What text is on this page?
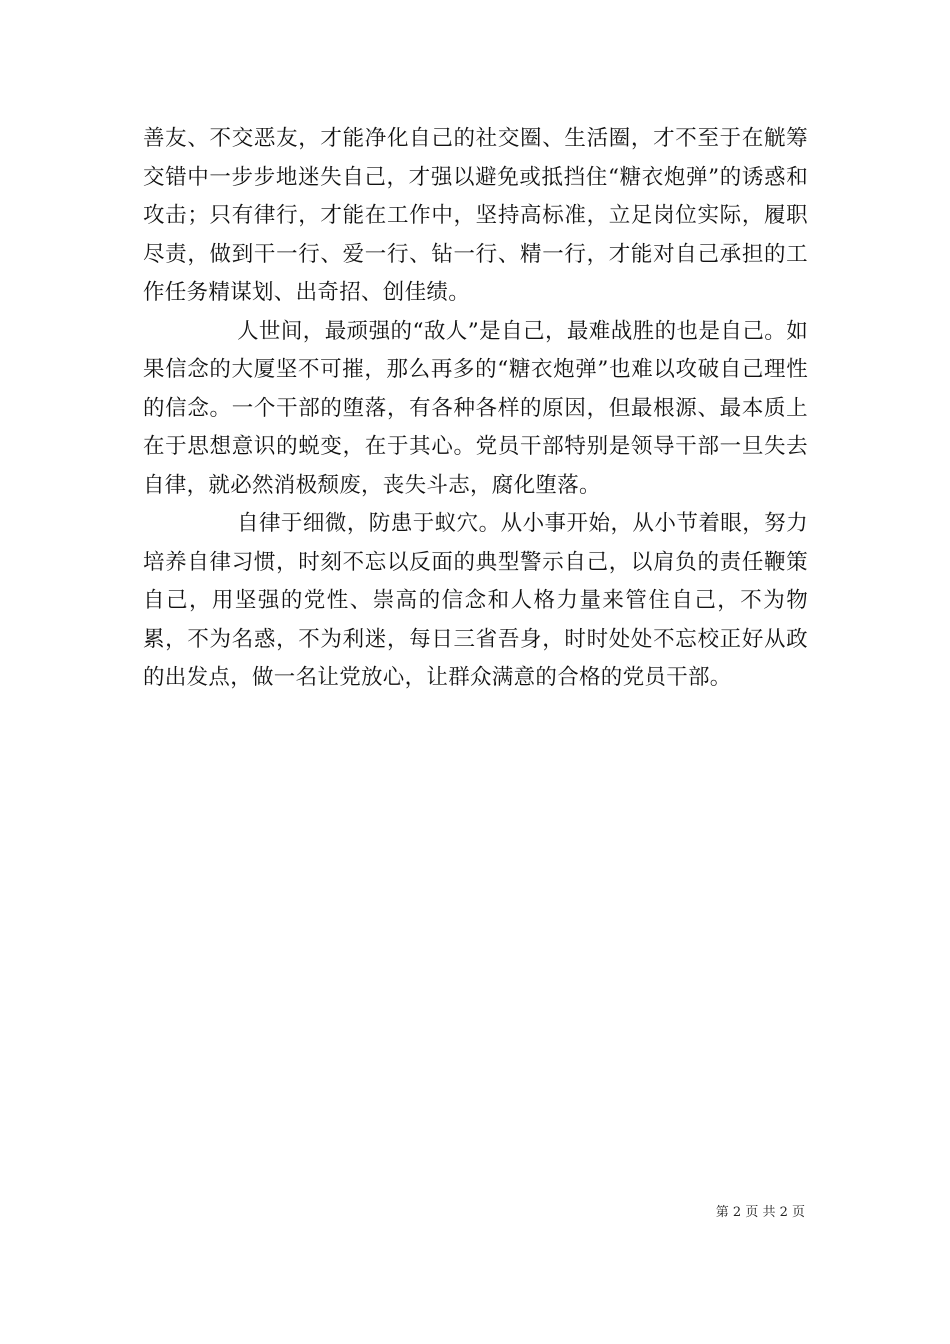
善友、不交恶友，才能净化自己的社交圈、生活圈，才不至于在觥筹交错中一步步地迷失自己，才强以避免或抵挡住“糖衣炮弹”的诱惑和攻击；只有律行，才能在工作中，坚持高标准，立足岗位实际，履职尽责，做到干一行、爱一行、钻一行、精一行，才能对自己承担的工作任务精谋划、出奇招、创佳绩。

人世间，最顽强的“敌人”是自己，最难战胜的也是自己。如果信念的大厦坚不可摧，那么再多的“糖衣炮弹”也难以攻破自己理性的信念。一个干部的堕落，有各种各样的原因，但最根源、最本质上在于思想意识的蜕变，在于其心。党员干部特别是领导干部一旦失去自律，就必然消极颓废，丧失斗志，腐化堕落。

自律于细微，防患于蚁穴。从小事开始，从小节着眼，努力培养自律习惯，时刻不忘以反面的典型警示自己，以肩负的责任鞭策自己，用坚强的党性、崇高的信念和人格力量来管住自己，不为物累，不为名惑，不为利迷，每日三省吾身，时时处处不忘校正好从政的出发点，做一名让党放心，让群众满意的合格的党员干部。

第 2 页 共 2 页
